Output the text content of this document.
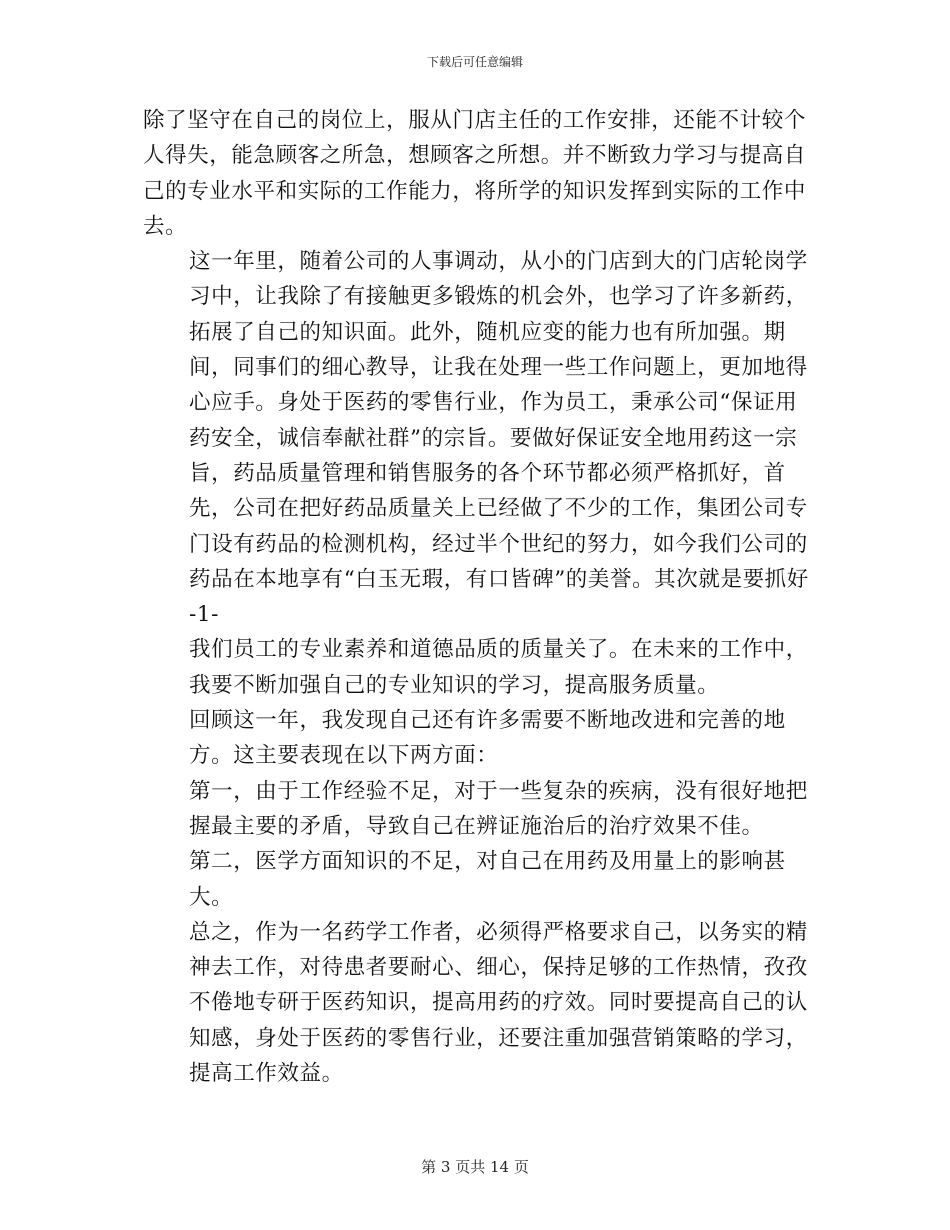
下载后可任意编辑

除了坚守在自己的岗位上，服从门店主任的工作安排，还能不计较个人得失，能急顾客之所急，想顾客之所想。并不断致力学习与提高自己的专业水平和实际的工作能力，将所学的知识发挥到实际的工作中去。

这一年里，随着公司的人事调动，从小的门店到大的门店轮岗学习中，让我除了有接触更多锻炼的机会外，也学习了许多新药，拓展了自己的知识面。此外，随机应变的能力也有所加强。期间，同事们的细心教导，让我在处理一些工作问题上，更加地得心应手。身处于医药的零售行业，作为员工，秉承公司“保证用药安全，诚信奉献社群”的宗旨。要做好保证安全地用药这一宗旨，药品质量管理和销售服务的各个环节都必须严格抓好，首先，公司在把好药品质量关上已经做了不少的工作，集团公司专门设有药品的检测机构，经过半个世纪的努力，如今我们公司的药品在本地享有“白玉无瑕，有口皆碑”的美誉。其次就是要抓好

-1-

我们员工的专业素养和道德品质的质量关了。在未来的工作中，我要不断加强自己的专业知识的学习，提高服务质量。

回顾这一年，我发现自己还有许多需要不断地改进和完善的地方。这主要表现在以下两方面：

第一，由于工作经验不足，对于一些复杂的疾病，没有很好地把握最主要的矛盾，导致自己在辨证施治后的治疗效果不佳。

第二，医学方面知识的不足，对自己在用药及用量上的影响甚大。

总之，作为一名药学工作者，必须得严格要求自己，以务实的精神去工作，对待患者要耐心、细心，保持足够的工作热情，孜孜不倦地专研于医药知识，提高用药的疗效。同时要提高自己的认知感，身处于医药的零售行业，还要注重加强营销策略的学习，提高工作效益。

第 3 页共 14 页
